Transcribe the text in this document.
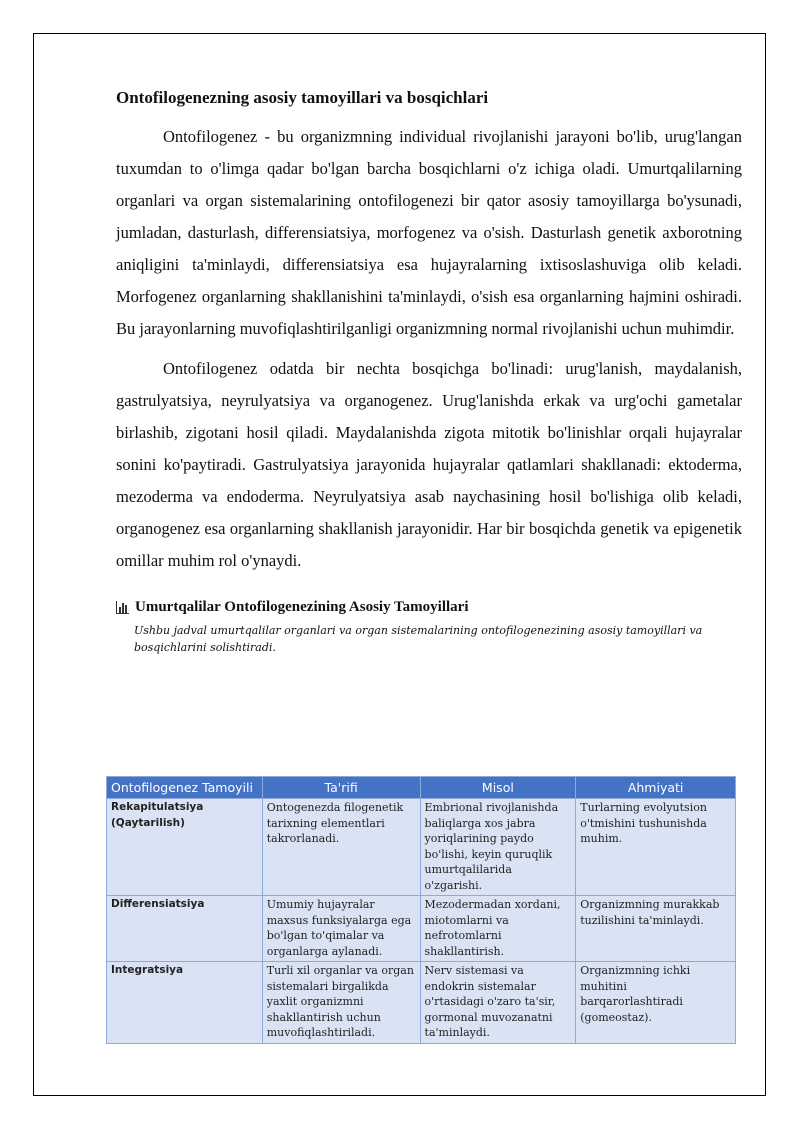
Ontofilogenezning asosiy tamoyillari va bosqichlari

Ontofilogenez - bu organizmning individual rivojlanishi jarayoni bo'lib, urug'langan tuxumdan to o'limga qadar bo'lgan barcha bosqichlarni o'z ichiga oladi. Umurtqalilarning organlari va organ sistemalarining ontofilogenezi bir qator asosiy tamoyillarga bo'ysunadi, jumladan, dasturlash, differensiatsiya, morfogenez va o'sish. Dasturlash genetik axborotning aniqligini ta'minlaydi, differensiatsiya esa hujayralarning ixtisoslashuviga olib keladi. Morfogenez organlarning shakllanishini ta'minlaydi, o'sish esa organlarning hajmini oshiradi. Bu jarayonlarning muvofiqlashtirilganligi organizmning normal rivojlanishi uchun muhimdir.

Ontofilogenez odatda bir nechta bosqichga bo'linadi: urug'lanish, maydalanish, gastrulyatsiya, neyrulyatsiya va organogenez. Urug'lanishda erkak va urg'ochi gametalar birlashib, zigotani hosil qiladi. Maydalanishda zigota mitotik bo'linishlar orqali hujayralar sonini ko'paytiradi. Gastrulyatsiya jarayonida hujayralar qatlamlari shakllanadi: ektoderma, mezoderma va endoderma. Neyrulyatsiya asab naychasining hosil bo'lishiga olib keladi, organogenez esa organlarning shakllanish jarayonidir. Har bir bosqichda genetik va epigenetik omillar muhim rol o'ynaydi.

Umurtqalilar Ontofilogenezining Asosiy Tamoyillari
Ushbu jadval umurtqalilar organlari va organ sistemalarining ontofilogenezining asosiy tamoyillari va bosqichlarini solishtiradi.
Ontofilogenez Tamoyili	Ta'rifi	Misol	Ahmiyati
Rekapitulatsiya (Qaytarilish)	Ontogenezda filogenetik tarixning elementlari takrorlanadi.	Embrional rivojlanishda baliqlarga xos jabra yoriqlarining paydo bo'lishi, keyin quruqlik umurtqalilarida o'zgarishi.	Turlarning evolyutsion o'tmishini tushunishda muhim.
Differensiatsiya	Umumiy hujayralar maxsus funksiyalarga ega bo'lgan to'qimalar va organlarga aylanadi.	Mezodermadan xordani, miotomlarni va nefrotomlarni shakllantirish.	Organizmning murakkab tuzilishini ta'minlaydi.
Integratsiya	Turli xil organlar va organ sistemalari birgalikda yaxlit organizmni shakllantirish uchun muvofiqlashtiriladi.	Nerv sistemasi va endokrin sistemalar o'rtasidagi o'zaro ta'sir, gormonal muvozanatni ta'minlaydi.	Organizmning ichki muhitini barqarorlashtiradi (gomeostaz).
